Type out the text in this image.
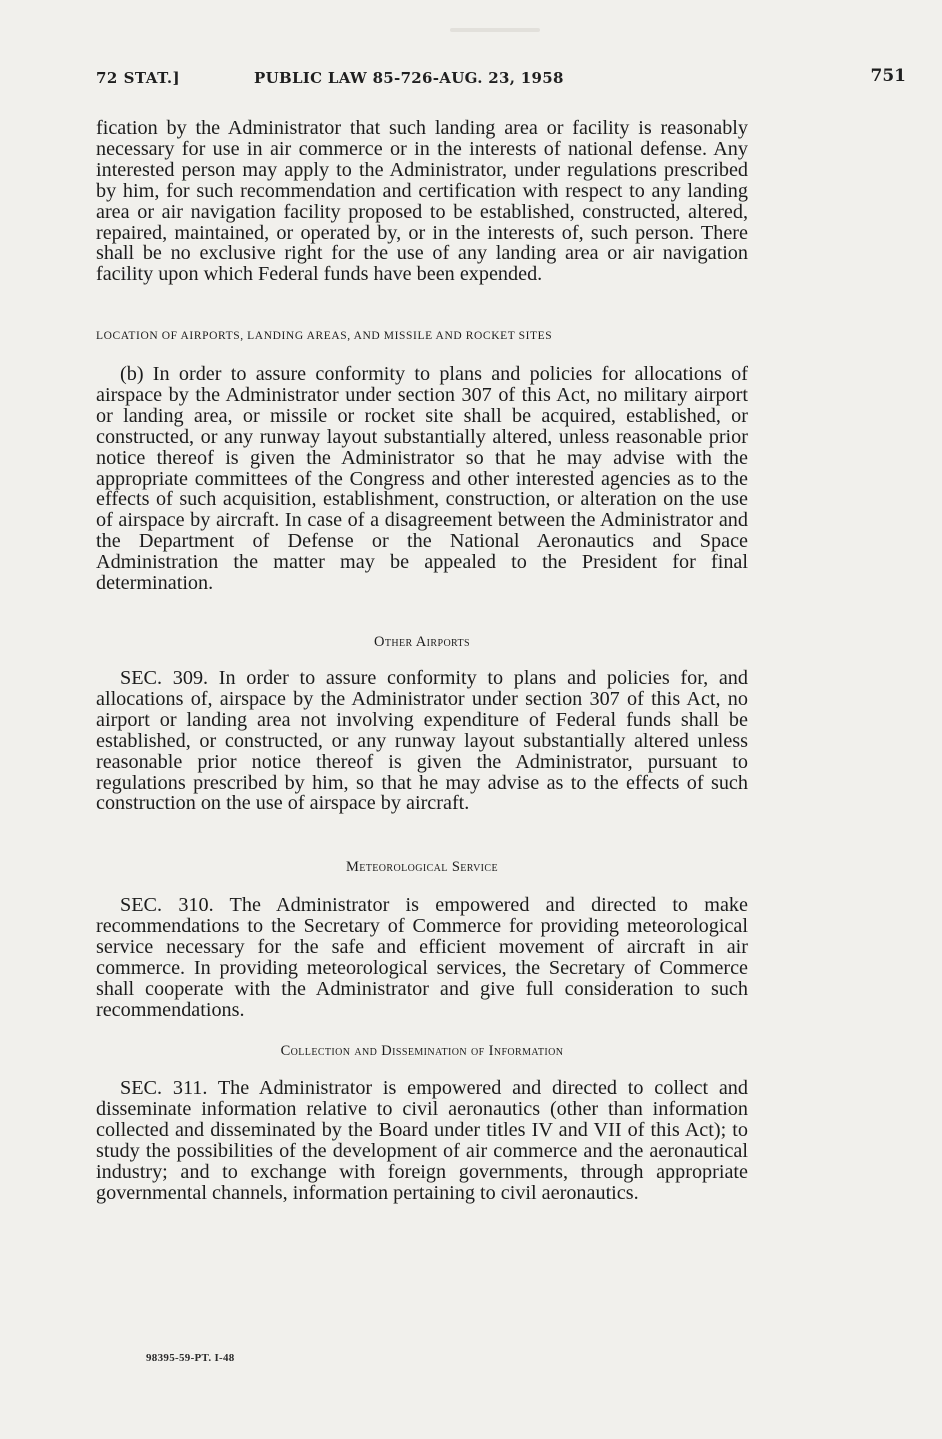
72 STAT.]	PUBLIC LAW 85-726-AUG. 23, 1958	751

fication by the Administrator that such landing area or facility is reasonably necessary for use in air commerce or in the interests of national defense. Any interested person may apply to the Administrator, under regulations prescribed by him, for such recommendation and certification with respect to any landing area or air navigation facility proposed to be established, constructed, altered, repaired, maintained, or operated by, or in the interests of, such person. There shall be no exclusive right for the use of any landing area or air navigation facility upon which Federal funds have been expended.

LOCATION OF AIRPORTS, LANDING AREAS, AND MISSILE AND ROCKET SITES

(b) In order to assure conformity to plans and policies for allocations of airspace by the Administrator under section 307 of this Act, no military airport or landing area, or missile or rocket site shall be acquired, established, or constructed, or any runway layout substantially altered, unless reasonable prior notice thereof is given the Administrator so that he may advise with the appropriate committees of the Congress and other interested agencies as to the effects of such acquisition, establishment, construction, or alteration on the use of airspace by aircraft. In case of a disagreement between the Administrator and the Department of Defense or the National Aeronautics and Space Administration the matter may be appealed to the President for final determination.

Other Airports

SEC. 309. In order to assure conformity to plans and policies for, and allocations of, airspace by the Administrator under section 307 of this Act, no airport or landing area not involving expenditure of Federal funds shall be established, or constructed, or any runway layout substantially altered unless reasonable prior notice thereof is given the Administrator, pursuant to regulations prescribed by him, so that he may advise as to the effects of such construction on the use of airspace by aircraft.

Meteorological Service

SEC. 310. The Administrator is empowered and directed to make recommendations to the Secretary of Commerce for providing meteorological service necessary for the safe and efficient movement of aircraft in air commerce. In providing meteorological services, the Secretary of Commerce shall cooperate with the Administrator and give full consideration to such recommendations.

Collection and Dissemination of Information

SEC. 311. The Administrator is empowered and directed to collect and disseminate information relative to civil aeronautics (other than information collected and disseminated by the Board under titles IV and VII of this Act); to study the possibilities of the development of air commerce and the aeronautical industry; and to exchange with foreign governments, through appropriate governmental channels, information pertaining to civil aeronautics.

98395-59-PT. I-48
